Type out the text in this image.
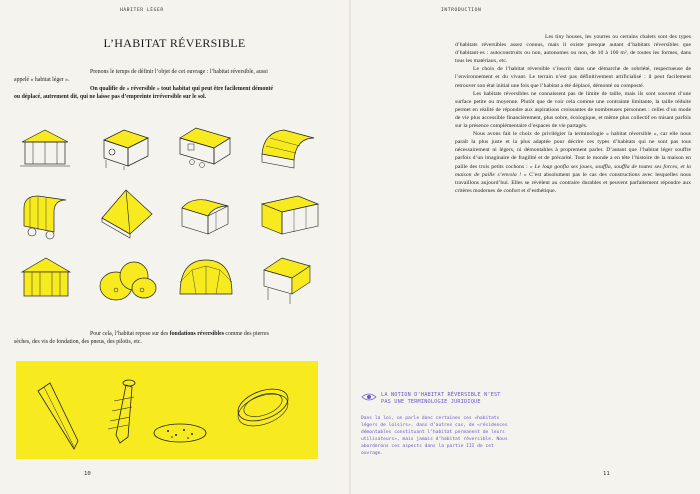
HABITER LÉGER
L’HABITAT RÉVERSIBLE

Prenons le temps de définir l’objet de cet ouvrage : l’habitat réversible, aussi appelé « habitat léger ».

On qualifie de « réversible » tout habitat qui peut être facilement démonté ou déplacé, autrement dit, qui ne laisse pas d’empreinte irréversible sur le sol.

Pour cela, l’habitat repose sur des fondations réversibles comme des pierres sèches, des vis de fondation, des pneus, des pilotis, etc.

10
INTRODUCTION

Les tiny houses, les yourtes ou certains chalets sont des types d’habitats réversibles assez connus, mais il existe presque autant d’habitats réversibles que d’habitant·es : autoconstruits ou non, autonomes ou non, de 10 à 100 m², de toutes les formes, dans tous les matériaux, etc.

Le choix de l’habitat réversible s’inscrit dans une démarche de sobriété, respectueuse de l’environnement et du vivant. Le terrain n’est pas définitivement artificialisé : il peut facilement retrouver son état initial une fois que l’habitat a été déplacé, démonté ou composté.

Les habitats réversibles ne connaissent pas de limite de taille, mais ils sont souvent d’une surface petite ou moyenne. Plutôt que de voir cela comme une contrainte limitante, la taille réduite permet en réalité de répondre aux aspirations croissantes de nombreuses personnes : celles d’un mode de vie plus accessible financièrement, plus sobre, écologique, et même plus collectif en misant parfois sur la présence complémentaire d’espaces de vie partagés.

Nous avons fait le choix de privilégier la terminologie « habitat réversible », car elle nous paraît la plus juste et la plus adaptée pour décrire ces types d’habitats qui ne sont pas tous nécessairement ni légers, ni démontables à proprement parler. D’autant que l’habitat léger souffre parfois d’un imaginaire de fragilité et de précarité. Tout le monde a en tête l’histoire de la maison en paille des trois petits cochons : « Le loup gonfla ses joues, souffla, souffla de toutes ses forces, et la maison de paille s’envola ! » C’est absolument pas le cas des constructions avec lesquelles nous travaillons aujourd’hui. Elles se révèlent au contraire durables et peuvent parfaitement répondre aux critères modernes de confort et d’esthétique.

LA NOTION D’HABITAT RÉVERSIBLE N’EST PAS UNE TERMINOLOGIE JURIDIQUE
Dans la loi, on parle donc certaines ces «habitats légers de loisirs», dans d’autres cas, de «résidences démontables constituant l’habitat permanent de leurs utilisateurs», mais jamais d’habitat réversible. Nous aborderons ces aspects dans la partie III de cet ouvrage.
11
